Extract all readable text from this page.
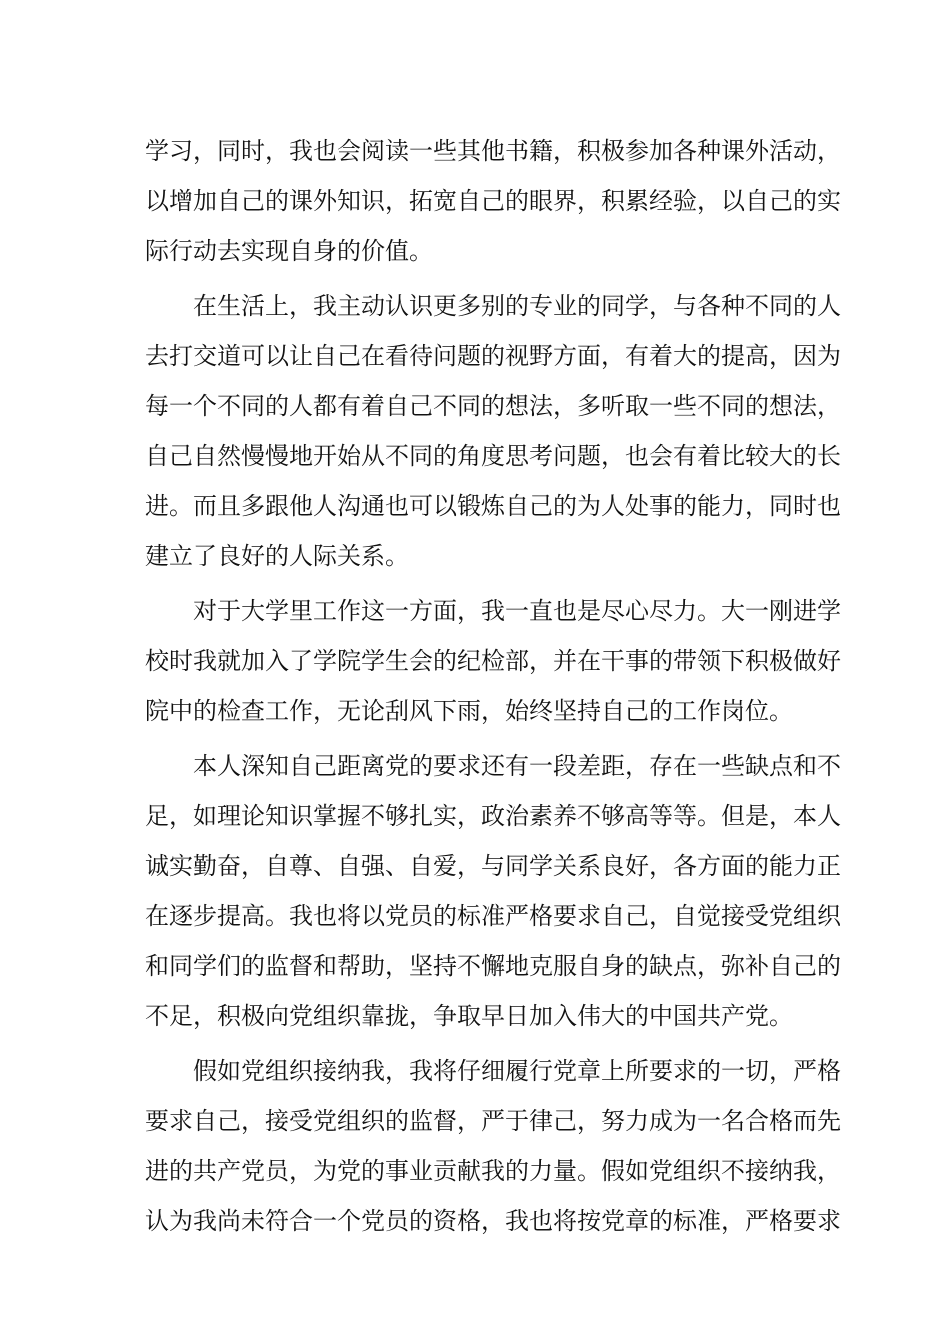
学习，同时，我也会阅读一些其他书籍，积极参加各种课外活动，
以增加自己的课外知识，拓宽自己的眼界，积累经验，以自己的实
际行动去实现自身的价值。
　　在生活上，我主动认识更多别的专业的同学，与各种不同的人
去打交道可以让自己在看待问题的视野方面，有着大的提高，因为
每一个不同的人都有着自己不同的想法，多听取一些不同的想法，
自己自然慢慢地开始从不同的角度思考问题，也会有着比较大的长
进。而且多跟他人沟通也可以锻炼自己的为人处事的能力，同时也
建立了良好的人际关系。
　　对于大学里工作这一方面，我一直也是尽心尽力。大一刚进学
校时我就加入了学院学生会的纪检部，并在干事的带领下积极做好
院中的检查工作，无论刮风下雨，始终坚持自己的工作岗位。
　　本人深知自己距离党的要求还有一段差距，存在一些缺点和不
足，如理论知识掌握不够扎实，政治素养不够高等等。但是，本人
诚实勤奋，自尊、自强、自爱，与同学关系良好，各方面的能力正
在逐步提高。我也将以党员的标准严格要求自己，自觉接受党组织
和同学们的监督和帮助，坚持不懈地克服自身的缺点，弥补自己的
不足，积极向党组织靠拢，争取早日加入伟大的中国共产党。
　　假如党组织接纳我，我将仔细履行党章上所要求的一切，严格
要求自己，接受党组织的监督，严于律己，努力成为一名合格而先
进的共产党员，为党的事业贡献我的力量。假如党组织不接纳我，
认为我尚未符合一个党员的资格，我也将按党章的标准，严格要求
